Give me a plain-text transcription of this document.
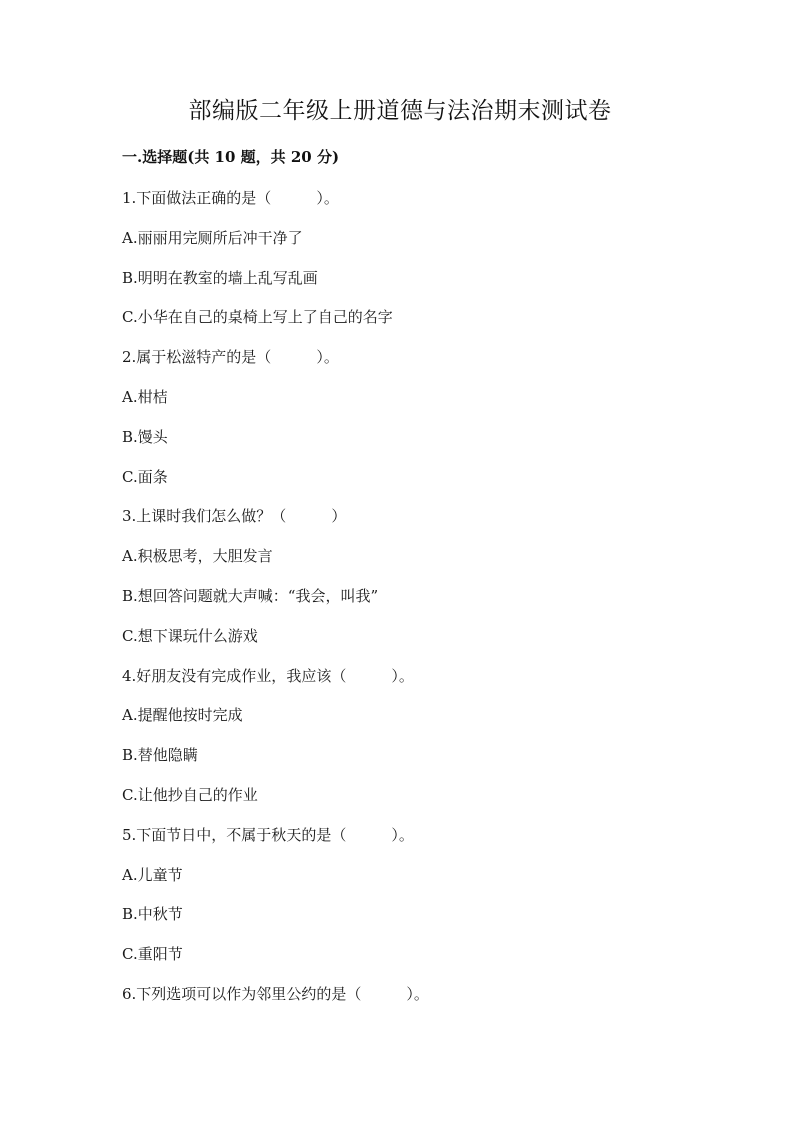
部编版二年级上册道德与法治期末测试卷
一.选择题(共 10 题，共 20 分)
1.下面做法正确的是（　　　）。
A.丽丽用完厕所后冲干净了
B.明明在教室的墙上乱写乱画
C.小华在自己的桌椅上写上了自己的名字
2.属于松滋特产的是（　　　）。
A.柑桔
B.馒头
C.面条
3.上课时我们怎么做？（　　　）
A.积极思考，大胆发言
B.想回答问题就大声喊：“我会，叫我”
C.想下课玩什么游戏
4.好朋友没有完成作业，我应该（　　　）。
A.提醒他按时完成
B.替他隐瞒
C.让他抄自己的作业
5.下面节日中，不属于秋天的是（　　　）。
A.儿童节
B.中秋节
C.重阳节
6.下列选项可以作为邻里公约的是（　　　）。
